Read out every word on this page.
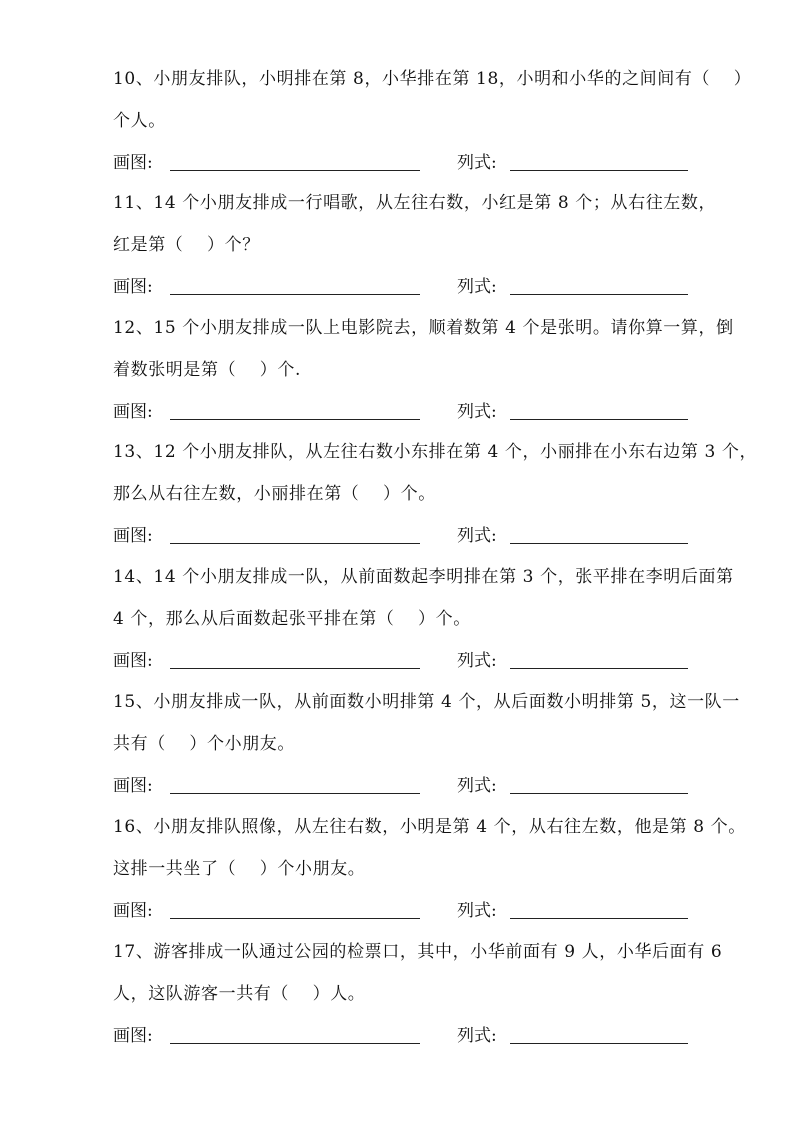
10、小朋友排队，小明排在第 8，小华排在第 18，小明和小华的之间间有（　 ）
个人。
画图:	列式:
11、14 个小朋友排成一行唱歌，从左往右数，小红是第 8 个；从右往左数，
红是第（　 ）个？
画图:	列式:
12、15 个小朋友排成一队上电影院去，顺着数第 4 个是张明。请你算一算，倒
着数张明是第（　 ）个.
画图:	列式:
13、12 个小朋友排队，从左往右数小东排在第 4 个，小丽排在小东右边第 3 个，
那么从右往左数，小丽排在第（　 ）个。
画图:	列式:
14、14 个小朋友排成一队，从前面数起李明排在第 3 个，张平排在李明后面第
4 个，那么从后面数起张平排在第（　 ）个。
画图:	列式:
15、小朋友排成一队，从前面数小明排第 4 个，从后面数小明排第 5，这一队一
共有（　 ）个小朋友。
画图:	列式:
16、小朋友排队照像，从左往右数，小明是第 4 个，从右往左数，他是第 8 个。
这排一共坐了（　 ）个小朋友。
画图:	列式:
17、游客排成一队通过公园的检票口，其中，小华前面有 9 人，小华后面有 6
人，这队游客一共有（　 ）人。
画图:	列式:
